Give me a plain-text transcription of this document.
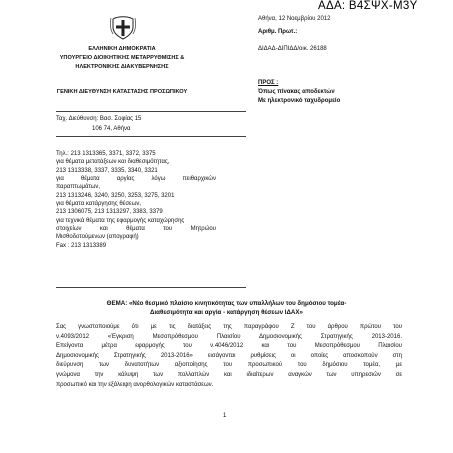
ΑΔΑ: Β4ΣΨΧ-Μ3Υ
ΕΛΛΗΝΙΚΗ ΔΗΜΟΚΡΑΤΙΑ
ΥΠΟΥΡΓΕΙΟ ΔΙΟΙΚΗΤΙΚΗΣ ΜΕΤΑΡΡΥΘΜΙΣΗΣ &
ΗΛΕΚΤΡΟΝΙΚΗΣ ΔΙΑΚΥΒΕΡΝΗΣΗΣ
ΓΕΝΙΚΗ ΔΙΕΥΘΥΝΣΗ ΚΑΤΑΣΤΑΣΗΣ ΠΡΟΣΩΠΙΚΟΥ
Αθήνα, 12 Νοεμβρίου 2012
Αριθμ. Πρωτ.:
ΔΙΔΑΔ-ΔΙΠΙΔΔ/οικ. 26188
ΠΡΟΣ :
Όπως πίνακας αποδεκτών
Με ηλεκτρονικό ταχυδρομείο
Ταχ. Διεύθυνση: Βασ. Σοφίας 15
106 74, Αθήνα
Τηλ.: 213 1313365, 3371, 3372, 3375
για θέματα μετατάξεων και διαθεσιμότητας,
213 1313338, 3337, 3335, 3340, 3321
για θέματα αργίας λόγω πειθαρχικών
παραπτωμάτων,
213 1313246, 3240, 3250, 3253, 3275, 3201
για θέματα κατάργησης θέσεων,
213 1306075, 213 1313297, 3383, 3379
για τεχνικά θέματα της εφαρμογής καταχώρησης
στοιχείων και θέματα του Μητρώου
Μισθοδοτούμενων (απογραφή)
Fax : 213 1313389
ΘΕΜΑ: «Νέο θεσμικό πλαίσιο κινητικότητας των υπαλλήλων του δημόσιου τομέα-
Διαθεσιμότητα και αργία - κατάργηση θέσεων ΙΔΑΧ»
Σας γνωστοποιούμε ότι με τις διατάξεις της παραγράφου Ζ του άρθρου πρώτου του
ν.4093/2012 «Έγκριση Μεσοπρόθεσμου Πλαισίου Δημοσιονομικής Στρατηγικής 2013-2016.
Επείγοντα μέτρα εφαρμογής του ν.4046/2012 και του Μεσοπρόθεσμου Πλαισίου
Δημοσιονομικής Στρατηγικής 2013-2016» εισάγονται ρυθμίσεις οι οποίες αποσκοπούν στη
διεύρυνση των δυνατοτήτων αξιοποίησης του προσωπικού του δημόσιου τομέα, με
γνώμονα την κάλυψη των πολλαπλών και ιδιαίτερων αναγκών των υπηρεσιών σε
προσωπικό και την εξάλειψη ανορθολογικών καταστάσεων.
1
